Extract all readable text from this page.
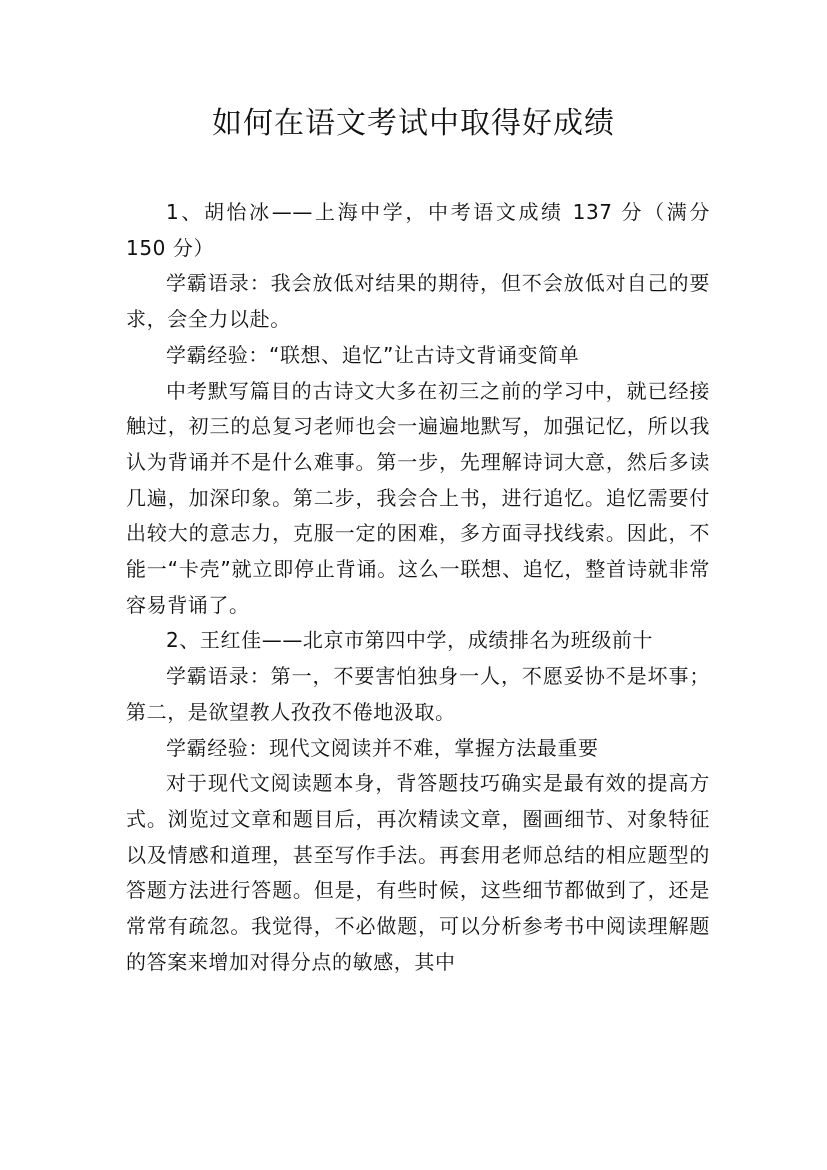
如何在语文考试中取得好成绩

1、胡怡冰——上海中学，中考语文成绩 137 分（满分 150 分）

学霸语录：我会放低对结果的期待，但不会放低对自己的要求，会全力以赴。

学霸经验：“联想、追忆”让古诗文背诵变简单

中考默写篇目的古诗文大多在初三之前的学习中，就已经接触过，初三的总复习老师也会一遍遍地默写，加强记忆，所以我认为背诵并不是什么难事。第一步，先理解诗词大意，然后多读几遍，加深印象。第二步，我会合上书，进行追忆。追忆需要付出较大的意志力，克服一定的困难，多方面寻找线索。因此，不能一“卡壳”就立即停止背诵。这么一联想、追忆，整首诗就非常容易背诵了。

2、王红佳——北京市第四中学，成绩排名为班级前十

学霸语录：第一，不要害怕独身一人，不愿妥协不是坏事；第二，是欲望教人孜孜不倦地汲取。

学霸经验：现代文阅读并不难，掌握方法最重要

对于现代文阅读题本身，背答题技巧确实是最有效的提高方式。浏览过文章和题目后，再次精读文章，圈画细节、对象特征以及情感和道理，甚至写作手法。再套用老师总结的相应题型的答题方法进行答题。但是，有些时候，这些细节都做到了，还是常常有疏忽。我觉得，不必做题，可以分析参考书中阅读理解题的答案来增加对得分点的敏感，其中
